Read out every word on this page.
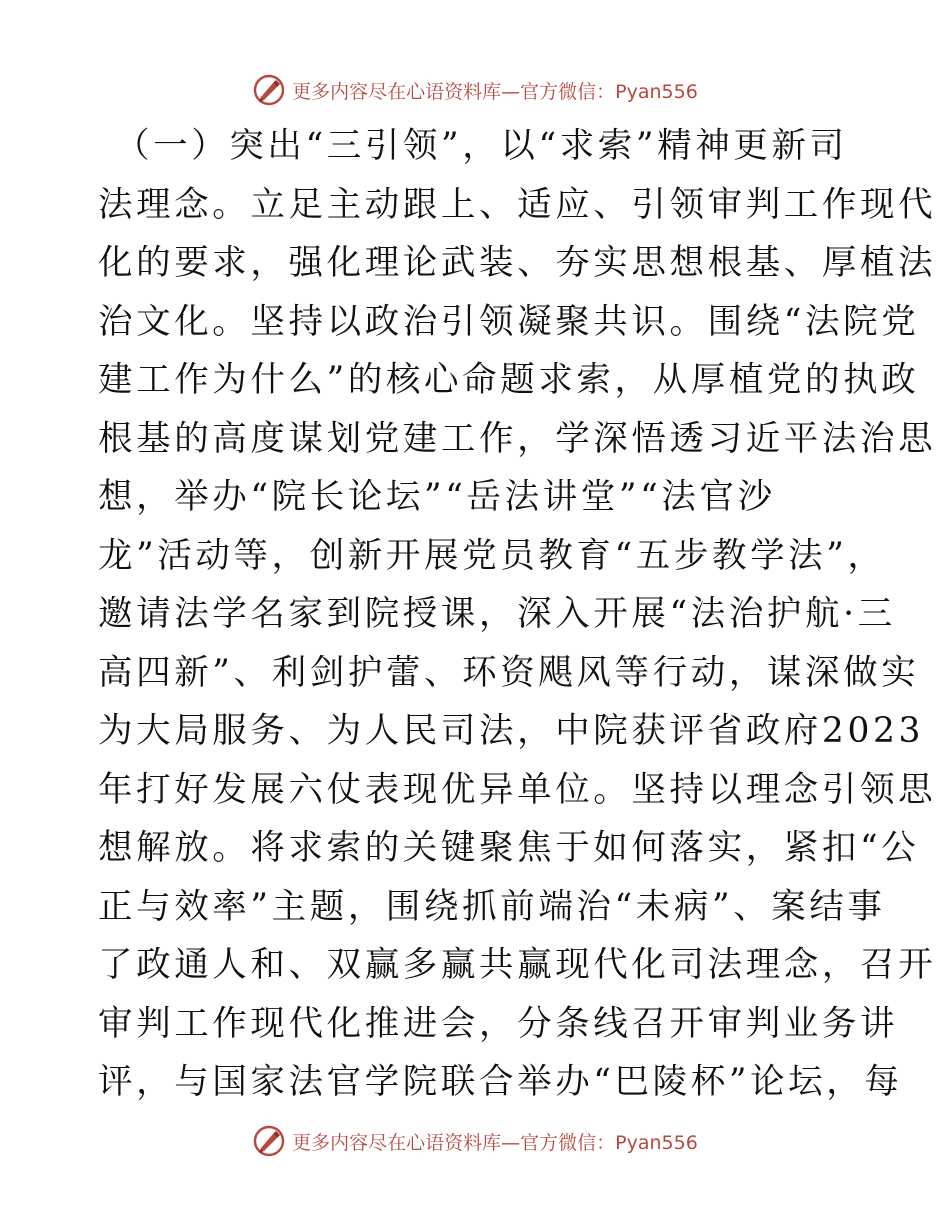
更多内容尽在心语资料库—官方微信：Pyan556
（一）突出“三引领”，以“求索”精神更新司
法理念。立足主动跟上、适应、引领审判工作现代
化的要求，强化理论武装、夯实思想根基、厚植法
治文化。坚持以政治引领凝聚共识。围绕“法院党
建工作为什么”的核心命题求索，从厚植党的执政
根基的高度谋划党建工作，学深悟透习近平法治思
想，举办“院长论坛”“岳法讲堂”“法官沙
龙”活动等，创新开展党员教育“五步教学法”，
邀请法学名家到院授课，深入开展“法治护航·三
高四新”、利剑护蕾、环资飓风等行动，谋深做实
为大局服务、为人民司法，中院获评省政府2023
年打好发展六仗表现优异单位。坚持以理念引领思
想解放。将求索的关键聚焦于如何落实，紧扣“公
正与效率”主题，围绕抓前端治“未病”、案结事
了政通人和、双赢多赢共赢现代化司法理念，召开
审判工作现代化推进会，分条线召开审判业务讲
评，与国家法官学院联合举办“巴陵杯”论坛，每
更多内容尽在心语资料库—官方微信：Pyan556
